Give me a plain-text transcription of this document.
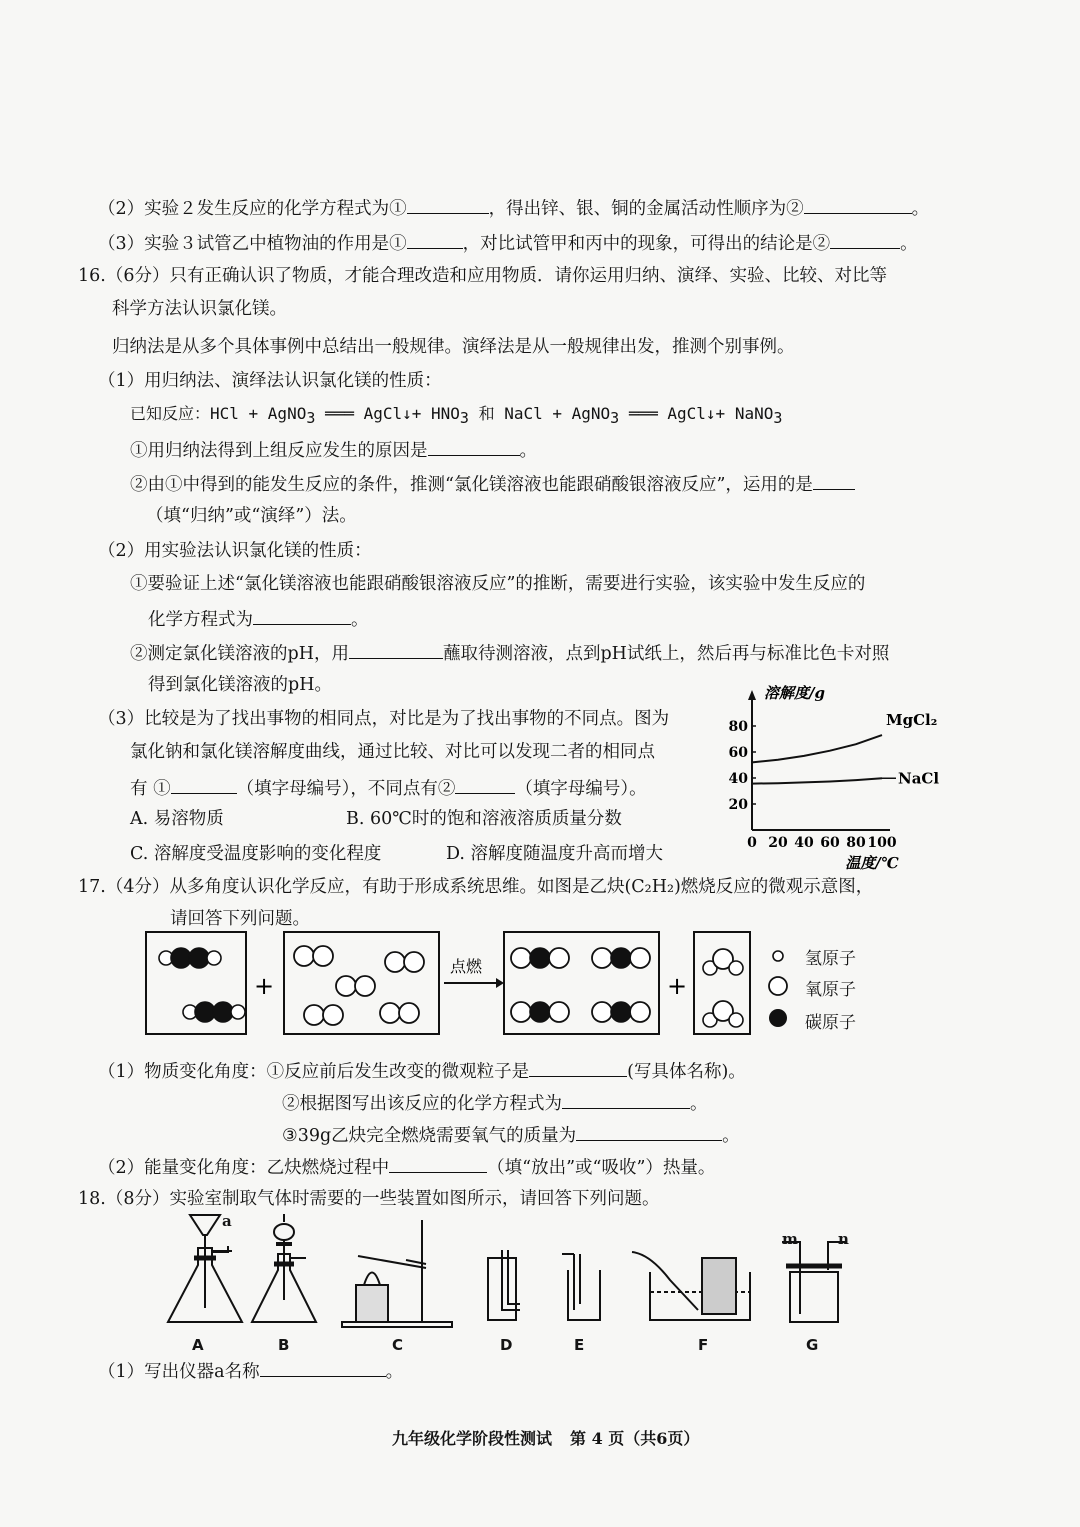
（2）实验２发生反应的化学方程式为①	，得出锌、银、铜的金属活动性顺序为②	。
（3）实验３试管乙中植物油的作用是①	，对比试管甲和丙中的现象，可得出的结论是②	。
16.（6分）只有正确认识了物质，才能合理改造和应用物质．请你运用归纳、演绎、实验、比较、对比等
科学方法认识氯化镁。
归纳法是从多个具体事例中总结出一般规律。演绎法是从一般规律出发，推测个别事例。
（1）用归纳法、演绎法认识氯化镁的性质：
已知反应：HCl + AgNO$_3$ ═══ AgCl↓+ $HNO_3$ 和 NaCl + AgNO$_3$ ═══ AgCl↓+ NaNO$_3$
①用归纳法得到上组反应发生的原因是	。
②由①中得到的能发生反应的条件，推测“氯化镁溶液也能跟硝酸银溶液反应”，运用的是
（填“归纳”或“演绎”）法。
（2）用实验法认识氯化镁的性质：
①要验证上述“氯化镁溶液也能跟硝酸银溶液反应”的推断，需要进行实验，该实验中发生反应的
化学方程式为	。
②测定氯化镁溶液的pH，用	蘸取待测溶液，点到pH试纸上，然后再与标准比色卡对照
得到氯化镁溶液的pH。
（3）比较是为了找出事物的相同点，对比是为了找出事物的不同点。图为
氯化钠和氯化镁溶解度曲线，通过比较、对比可以发现二者的相同点
有 ①	（填字母编号），不同点有②	（填字母编号）。
A. 易溶物质	B. 60℃时的饱和溶液溶质质量分数
C. 溶解度受温度影响的变化程度	D. 溶解度随温度升高而增大
20
40
60
80
0 20 40 60 80 100
MgCl₂
NaCl
溶解度/g
温度/℃
17.（4分）从多角度认识化学反应，有助于形成系统思维。如图是乙炔(C₂H₂)燃烧反应的微观示意图，
请回答下列问题。
+
点燃
+
氢原子
氧原子
碳原子
（1）物质变化角度：①反应前后发生改变的微观粒子是	(写具体名称)。
②根据图写出该反应的化学方程式为	。
③39g乙炔完全燃烧需要氧气的质量为	。
（2）能量变化角度：乙炔燃烧过程中	（填“放出”或“吸收”）热量。
18.（8分）实验室制取气体时需要的一些装置如图所示，请回答下列问题。
a
m	n
A	B	C	D	E	F	G
（1）写出仪器a名称	。
九年级化学阶段性测试 第 4 页（共6页）
